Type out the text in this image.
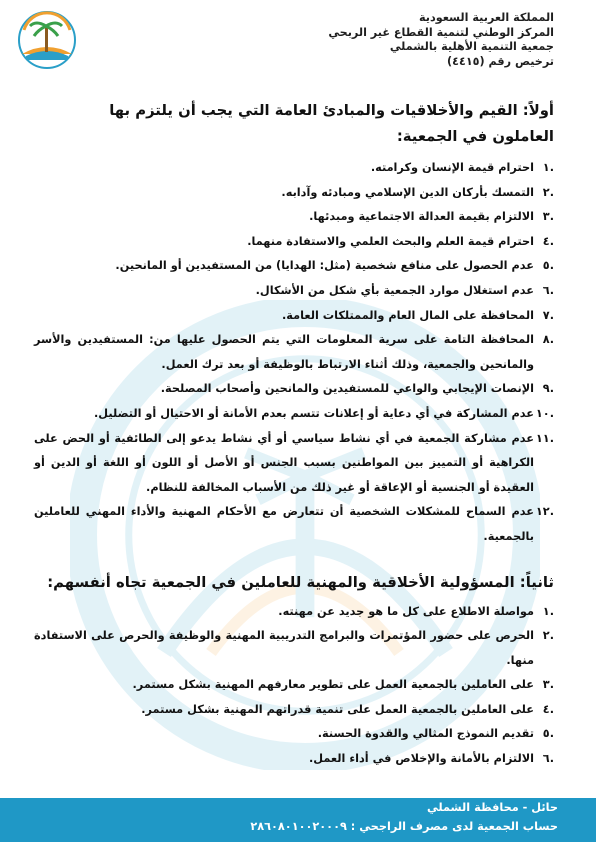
المملكة العربية السعودية
المركز الوطني لتنمية القطاع غير الربحي
جمعية التنمية الأهلية بالشملي
ترخيص رقم (٤٤١٥)
أولاً: القيم والأخلاقيات والمبادئ العامة التي يجب أن يلتزم بها
العاملون في الجمعية:
.١
احترام قيمة الإنسان وكرامته.
.٢
التمسك بأركان الدين الإسلامي ومبادئه وآدابه.
.٣
الالتزام بقيمة العدالة الاجتماعية ومبدئها.
.٤
احترام قيمة العلم والبحث العلمي والاستفادة منهما.
.٥
عدم الحصول على منافع شخصية (مثل: الهدايا) من المستفيدين أو المانحين.
.٦
عدم استغلال موارد الجمعية بأي شكل من الأشكال.
.٧
المحافظة على المال العام والممتلكات العامة.
.٨
المحافظة التامة على سرية المعلومات التي يتم الحصول عليها من: المستفيدين والأسر والمانحين والجمعية، وذلك أثناء الارتباط بالوظيفة أو بعد ترك العمل.
.٩
الإنصات الإيجابي والواعي للمستفيدين والمانحين وأصحاب المصلحة.
.١٠
عدم المشاركة في أي دعاية أو إعلانات تتسم بعدم الأمانة أو الاحتيال أو التضليل.
.١١
عدم مشاركة الجمعية في أي نشاط سياسي أو أي نشاط يدعو إلى الطائفية أو الحض على الكراهية أو التمييز بين المواطنين بسبب الجنس أو الأصل أو اللون أو اللغة أو الدين أو العقيدة أو الجنسية أو الإعاقة أو غير ذلك من الأسباب المخالفة للنظام.
.١٢
عدم السماح للمشكلات الشخصية أن تتعارض مع الأحكام المهنية والأداء المهني للعاملين بالجمعية.
ثانياً: المسؤولية الأخلاقية والمهنية للعاملين في الجمعية تجاه أنفسهم:
.١
مواصلة الاطلاع على كل ما هو جديد عن مهنته.
.٢
الحرص على حضور المؤتمرات والبرامج التدريبية المهنية والوظيفة والحرص على الاستفادة منها.
.٣
على العاملين بالجمعية العمل على تطوير معارفهم المهنية بشكل مستمر.
.٤
على العاملين بالجمعية العمل على تنمية قدراتهم المهنية بشكل مستمر.
.٥
تقديم النموذج المثالي والقدوة الحسنة.
.٦
الالتزام بالأمانة والإخلاص في أداء العمل.
حائل - محافظة الشملي
حساب الجمعية لدى مصرف الراجحي : ٢٨٦٠٨٠١٠٠٢٠٠٠٩
